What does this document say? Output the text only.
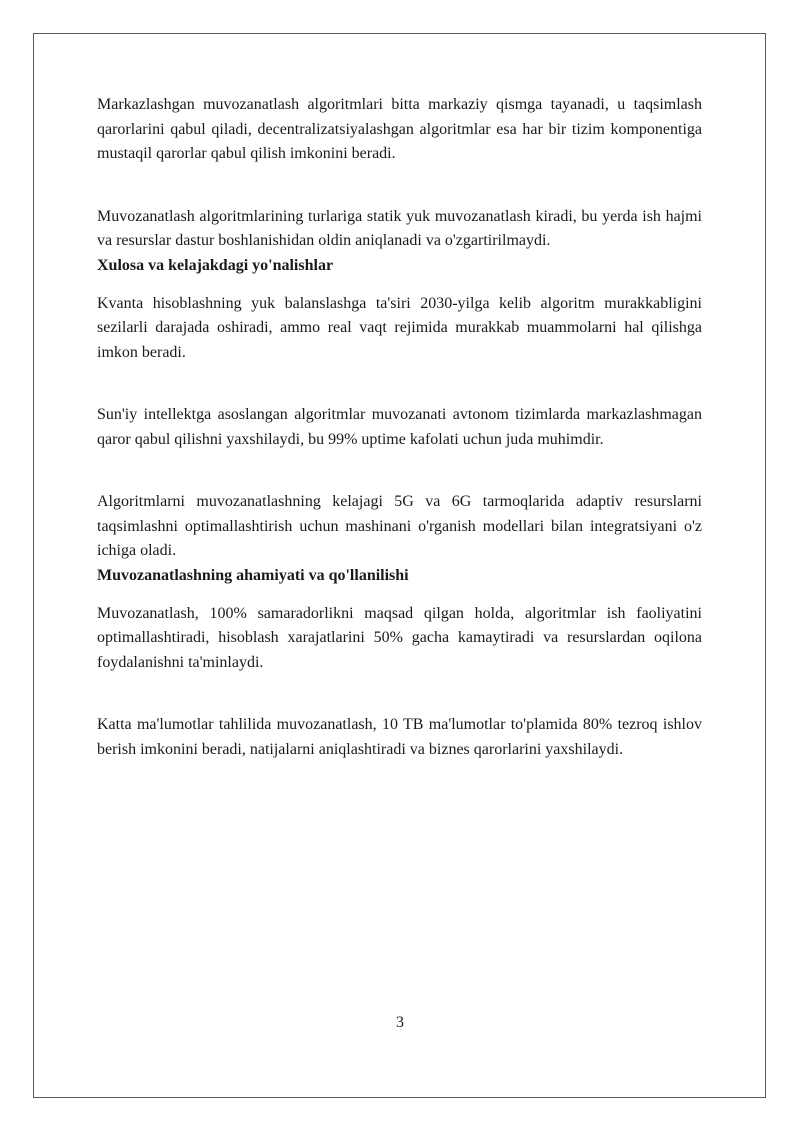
Markazlashgan muvozanatlash algoritmlari bitta markaziy qismga tayanadi, u taqsimlash qarorlarini qabul qiladi, decentralizatsiyalashgan algoritmlar esa har bir tizim komponentiga mustaqil qarorlar qabul qilish imkonini beradi.

Muvozanatlash algoritmlarining turlariga statik yuk muvozanatlash kiradi, bu yerda ish hajmi va resurslar dastur boshlanishidan oldin aniqlanadi va o'zgartirilmaydi.

Xulosa va kelajakdagi yo'nalishlar

Kvanta hisoblashning yuk balanslashga ta'siri 2030-yilga kelib algoritm murakkabligini sezilarli darajada oshiradi, ammo real vaqt rejimida murakkab muammolarni hal qilishga imkon beradi.

Sun'iy intellektga asoslangan algoritmlar muvozanati avtonom tizimlarda markazlashmagan qaror qabul qilishni yaxshilaydi, bu 99% uptime kafolati uchun juda muhimdir.

Algoritmlarni muvozanatlashning kelajagi 5G va 6G tarmoqlarida adaptiv resurslarni taqsimlashni optimallashtirish uchun mashinani o'rganish modellari bilan integratsiyani o'z ichiga oladi.

Muvozanatlashning ahamiyati va qo'llanilishi

Muvozanatlash, 100% samaradorlikni maqsad qilgan holda, algoritmlar ish faoliyatini optimallashtiradi, hisoblash xarajatlarini 50% gacha kamaytiradi va resurslardan oqilona foydalanishni ta'minlaydi.

Katta ma'lumotlar tahlilida muvozanatlash, 10 TB ma'lumotlar to'plamida 80% tezroq ishlov berish imkonini beradi, natijalarni aniqlashtiradi va biznes qarorlarini yaxshilaydi.

3
